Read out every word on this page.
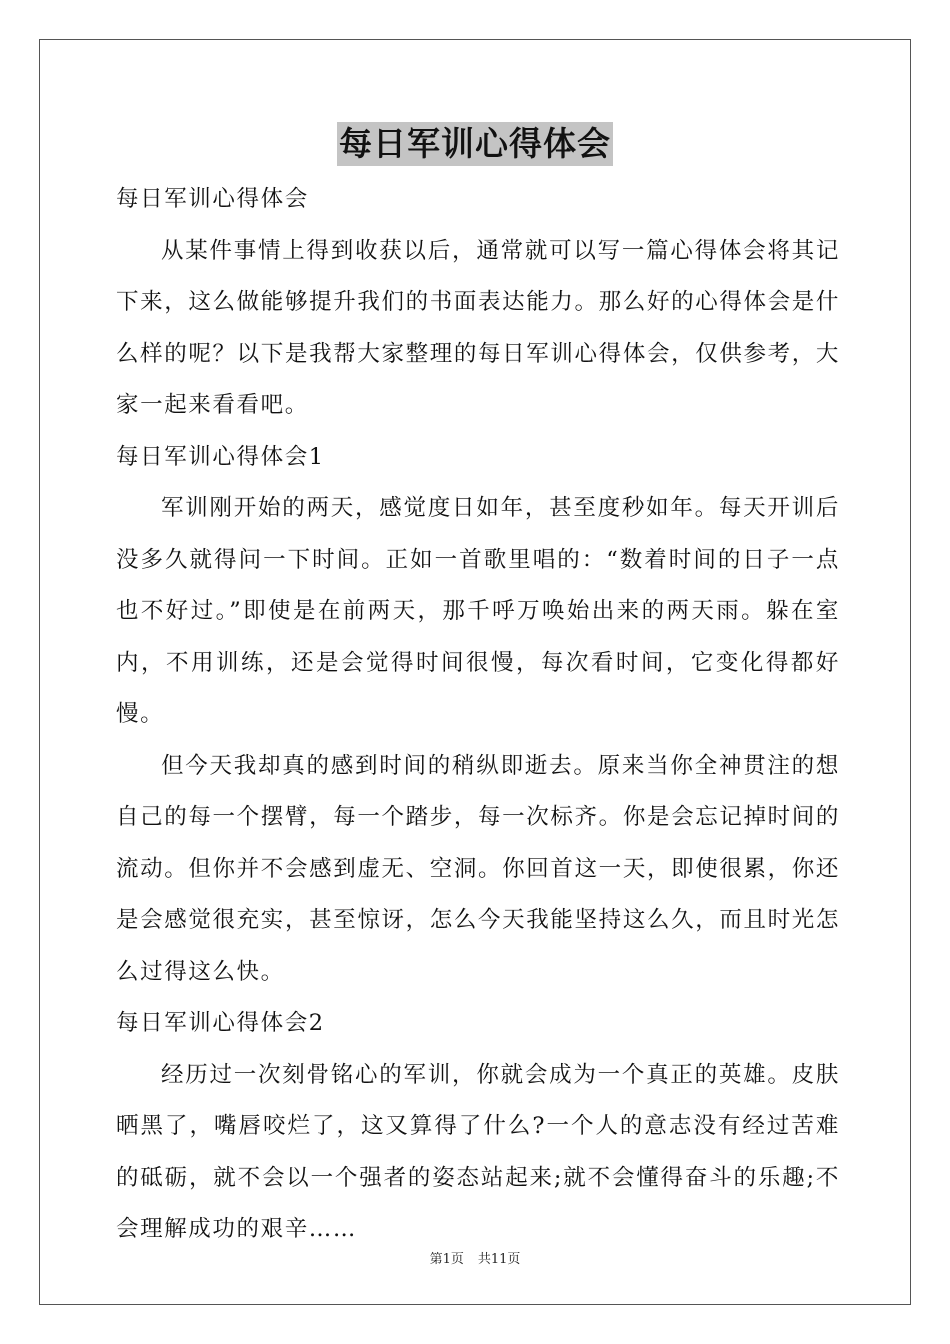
每日军训心得体会

每日军训心得体会

从某件事情上得到收获以后，通常就可以写一篇心得体会将其记下来，这么做能够提升我们的书面表达能力。那么好的心得体会是什么样的呢？以下是我帮大家整理的每日军训心得体会，仅供参考，大家一起来看看吧。

每日军训心得体会1

军训刚开始的两天，感觉度日如年，甚至度秒如年。每天开训后没多久就得问一下时间。正如一首歌里唱的：“数着时间的日子一点也不好过。”即使是在前两天，那千呼万唤始出来的两天雨。躲在室内，不用训练，还是会觉得时间很慢，每次看时间，它变化得都好慢。

但今天我却真的感到时间的稍纵即逝去。原来当你全神贯注的想自己的每一个摆臂，每一个踏步，每一次标齐。你是会忘记掉时间的流动。但你并不会感到虚无、空洞。你回首这一天，即使很累，你还是会感觉很充实，甚至惊讶，怎么今天我能坚持这么久，而且时光怎么过得这么快。

每日军训心得体会2

经历过一次刻骨铭心的军训，你就会成为一个真正的英雄。皮肤晒黑了，嘴唇咬烂了，这又算得了什么?一个人的意志没有经过苦难的砥砺，就不会以一个强者的姿态站起来;就不会懂得奋斗的乐趣;不会理解成功的艰辛……

第1页 共11页
